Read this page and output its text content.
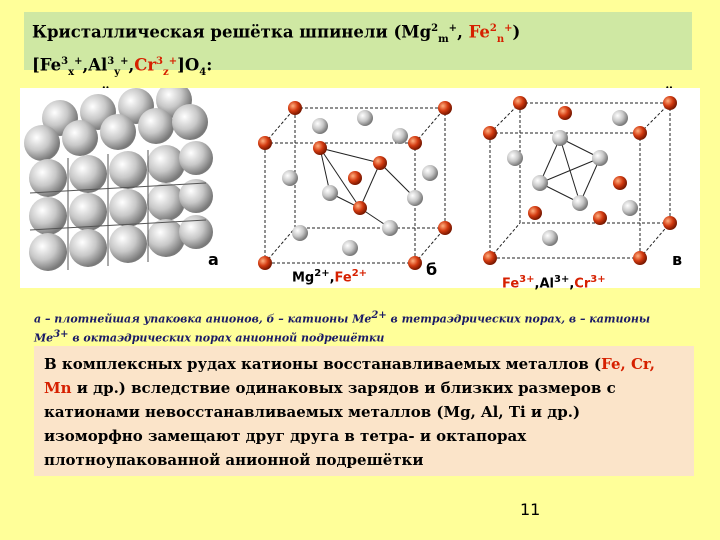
Кристаллическая решётка шпинели ($Mg^2_m^+$, $Fe^2_n^+)[Fe^3_x^+,Al^3_y^+,Cr^3_z^+]O_4$:
а
б
в
$Mg^{2+},Fe^{2+}$
$Fe^{3+},Al^{3+},Cr^{3+}$
а – плотнейшая упаковка анионов, б – катионы $Ме^{2+}$ в тетраэдрических порах, в – катионы $Ме^{3+}$ в октаэдрических порах анионной подрешётки
В комплексных рудах катионы восстанавливаемых металлов (Fe, Cr, Mn и др.) вследствие одинаковых зарядов и близких размеров с катионами невосстанавливаемых металлов (Mg, Al, Ti и др.) изоморфно замещают друг друга в тетра- и октапорах плотноупакованной анионной подрешётки
11
